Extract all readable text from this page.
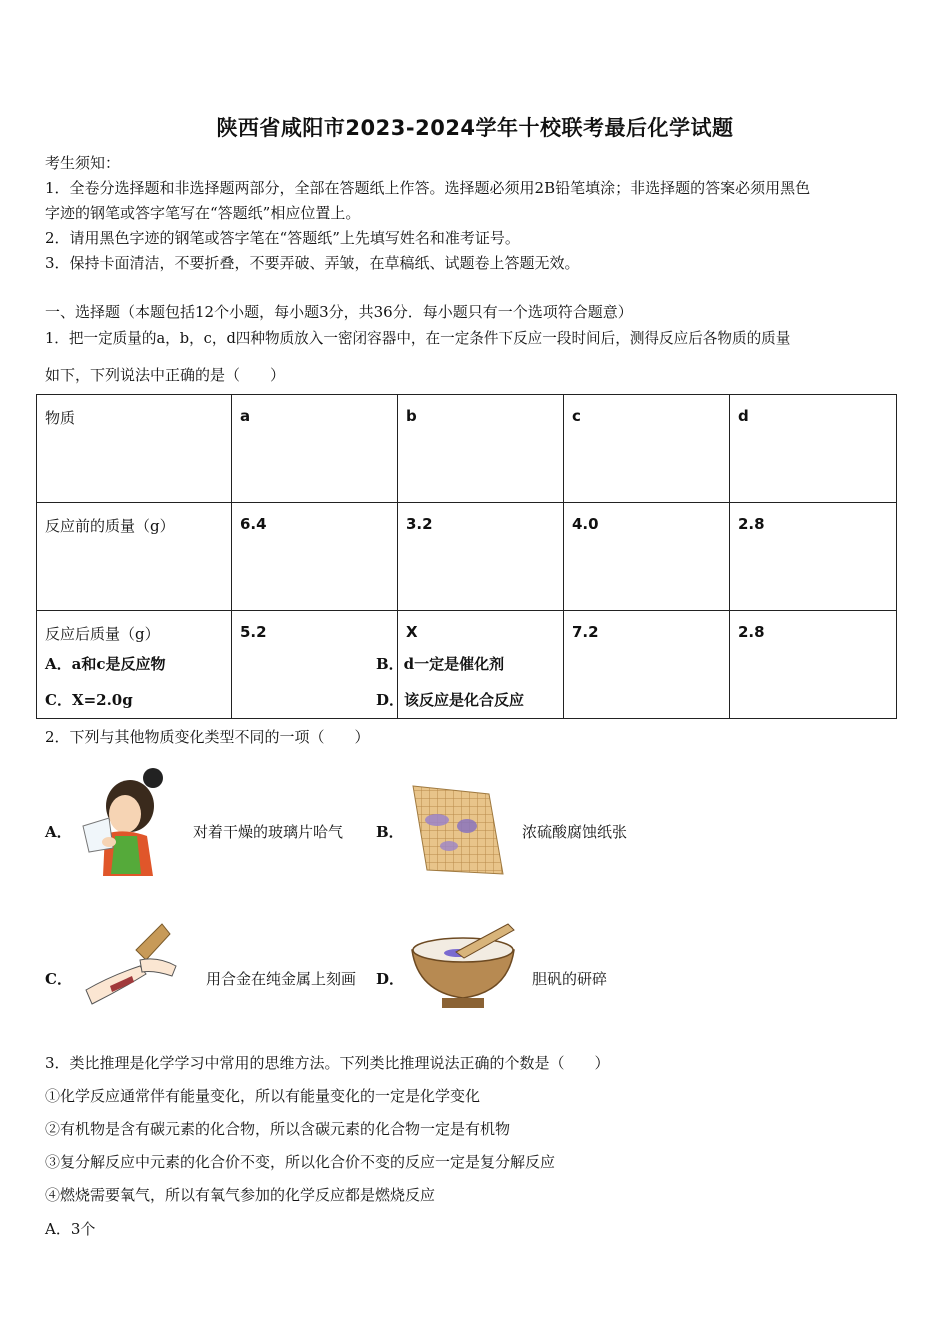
陕西省咸阳市2023-2024学年十校联考最后化学试题
考生须知：
1．全卷分选择题和非选择题两部分，全部在答题纸上作答。选择题必须用2B铅笔填涂；非选择题的答案必须用黑色
字迹的钢笔或答字笔写在“答题纸”相应位置上。
2．请用黑色字迹的钢笔或答字笔在“答题纸”上先填写姓名和准考证号。
3．保持卡面清洁，不要折叠，不要弄破、弄皱，在草稿纸、试题卷上答题无效。
一、选择题（本题包括12个小题，每小题3分，共36分．每小题只有一个选项符合题意）
1．把一定质量的a，b，c，d四种物质放入一密闭容器中，在一定条件下反应一段时间后，测得反应后各物质的质量
如下，下列说法中正确的是（　　）
物质	a	b	c	d
反应前的质量（g）	6.4	3.2	4.0	2.8
反应后质量（g）	5.2	X	7.2	2.8
A．a和c是反应物	B．d一定是催化剂
C．X=2.0g	D．该反应是化合反应
2．下列与其他物质变化类型不同的一项（　　）
A．	对着干燥的玻璃片哈气 B．	浓硫酸腐蚀纸张
C．	用合金在纯金属上刻画 D．	胆矾的研碎
3．类比推理是化学学习中常用的思维方法。下列类比推理说法正确的个数是（　　）
①化学反应通常伴有能量变化，所以有能量变化的一定是化学变化
②有机物是含有碳元素的化合物，所以含碳元素的化合物一定是有机物
③复分解反应中元素的化合价不变，所以化合价不变的反应一定是复分解反应
④燃烧需要氧气，所以有氧气参加的化学反应都是燃烧反应
A．3个
